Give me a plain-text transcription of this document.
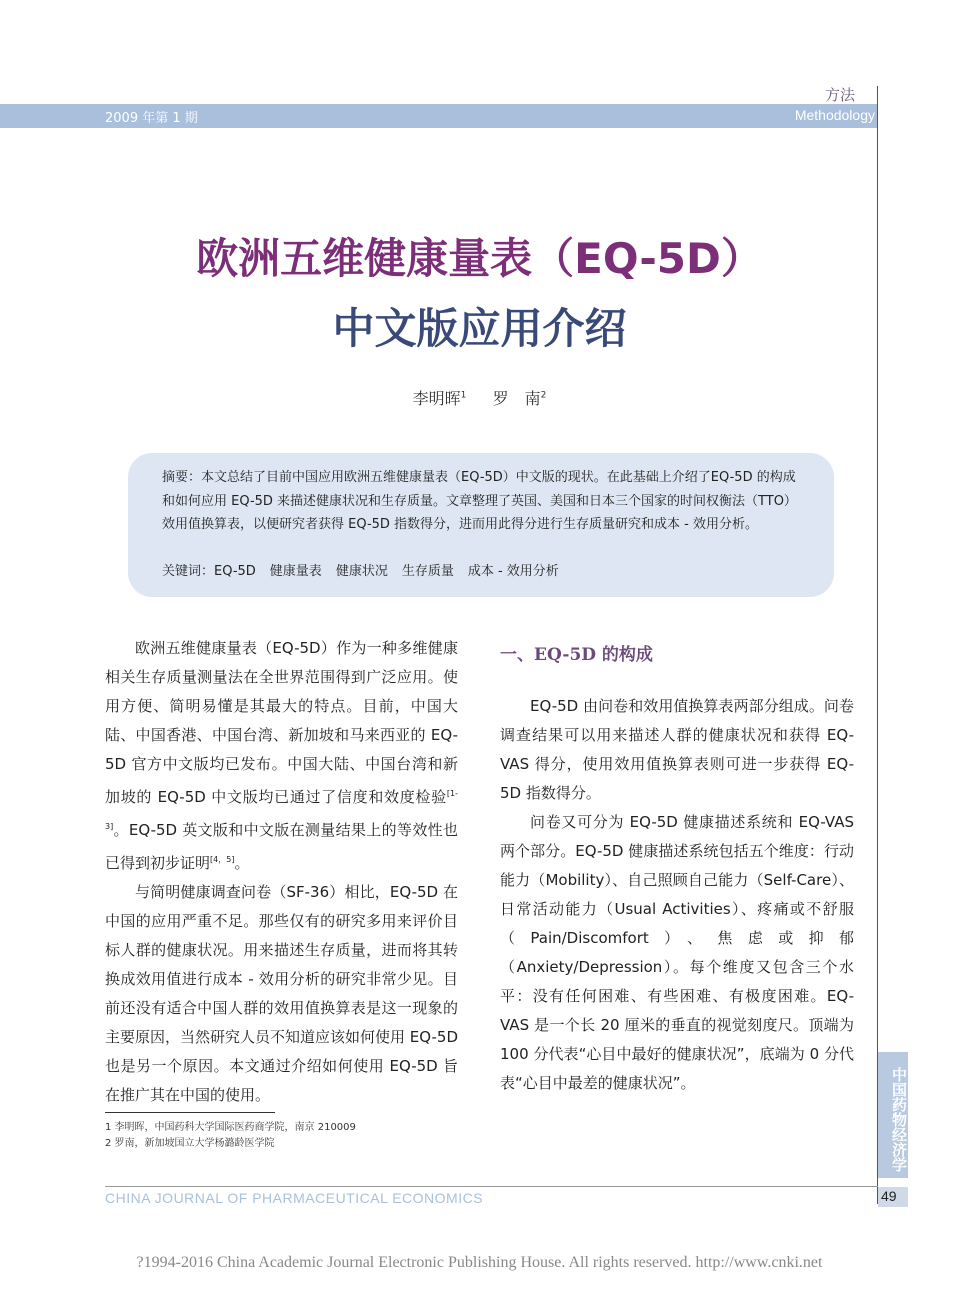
2009 年第 1 期
方法
Methodology
欧洲五维健康量表（EQ-5D）
中文版应用介绍
李明晖$^1$ 　 罗　南$^2$
摘要：本文总结了目前中国应用欧洲五维健康量表（EQ-5D）中文版的现状。在此基础上介绍了EQ-5D 的构成和如何应用 EQ-5D 来描述健康状况和生存质量。文章整理了英国、美国和日本三个国家的时间权衡法（TTO）效用值换算表，以便研究者获得 EQ-5D 指数得分，进而用此得分进行生存质量研究和成本 - 效用分析。
关键词：EQ-5D 健康量表 健康状况 生存质量 成本 - 效用分析

欧洲五维健康量表（EQ-5D）作为一种多维健康相关生存质量测量法在全世界范围得到广泛应用。使用方便、简明易懂是其最大的特点。目前，中国大陆、中国香港、中国台湾、新加坡和马来西亚的 EQ-5D 官方中文版均已发布。中国大陆、中国台湾和新加坡的 EQ-5D 中文版均已通过了信度和效度检验[1-3]。EQ-5D 英文版和中文版在测量结果上的等效性也已得到初步证明[4，5]。

与简明健康调查问卷（SF-36）相比，EQ-5D 在中国的应用严重不足。那些仅有的研究多用来评价目标人群的健康状况。用来描述生存质量，进而将其转换成效用值进行成本 - 效用分析的研究非常少见。目前还没有适合中国人群的效用值换算表是这一现象的主要原因，当然研究人员不知道应该如何使用 EQ-5D 也是另一个原因。本文通过介绍如何使用 EQ-5D 旨在推广其在中国的使用。

一、EQ-5D 的构成

EQ-5D 由问卷和效用值换算表两部分组成。问卷调查结果可以用来描述人群的健康状况和获得 EQ-VAS 得分，使用效用值换算表则可进一步获得 EQ-5D 指数得分。

问卷又可分为 EQ-5D 健康描述系统和 EQ-VAS 两个部分。EQ-5D 健康描述系统包括五个维度：行动能力（Mobility）、自己照顾自己能力（Self-Care）、日常活动能力（Usual Activities）、疼痛或不舒服（Pain/Discomfort）、焦虑或抑郁（Anxiety/Depression）。每个维度又包含三个水平：没有任何困难、有些困难、有极度困难。EQ-VAS 是一个长 20 厘米的垂直的视觉刻度尺。顶端为 100 分代表“心目中最好的健康状况”，底端为 0 分代表“心目中最差的健康状况”。

1 李明晖，中国药科大学国际医药商学院，南京 210009
2 罗南，新加坡国立大学杨潞龄医学院
CHINA JOURNAL OF PHARMACEUTICAL ECONOMICS
中国药物经济学
49
?1994-2016 China Academic Journal Electronic Publishing House. All rights reserved. http://www.cnki.net
